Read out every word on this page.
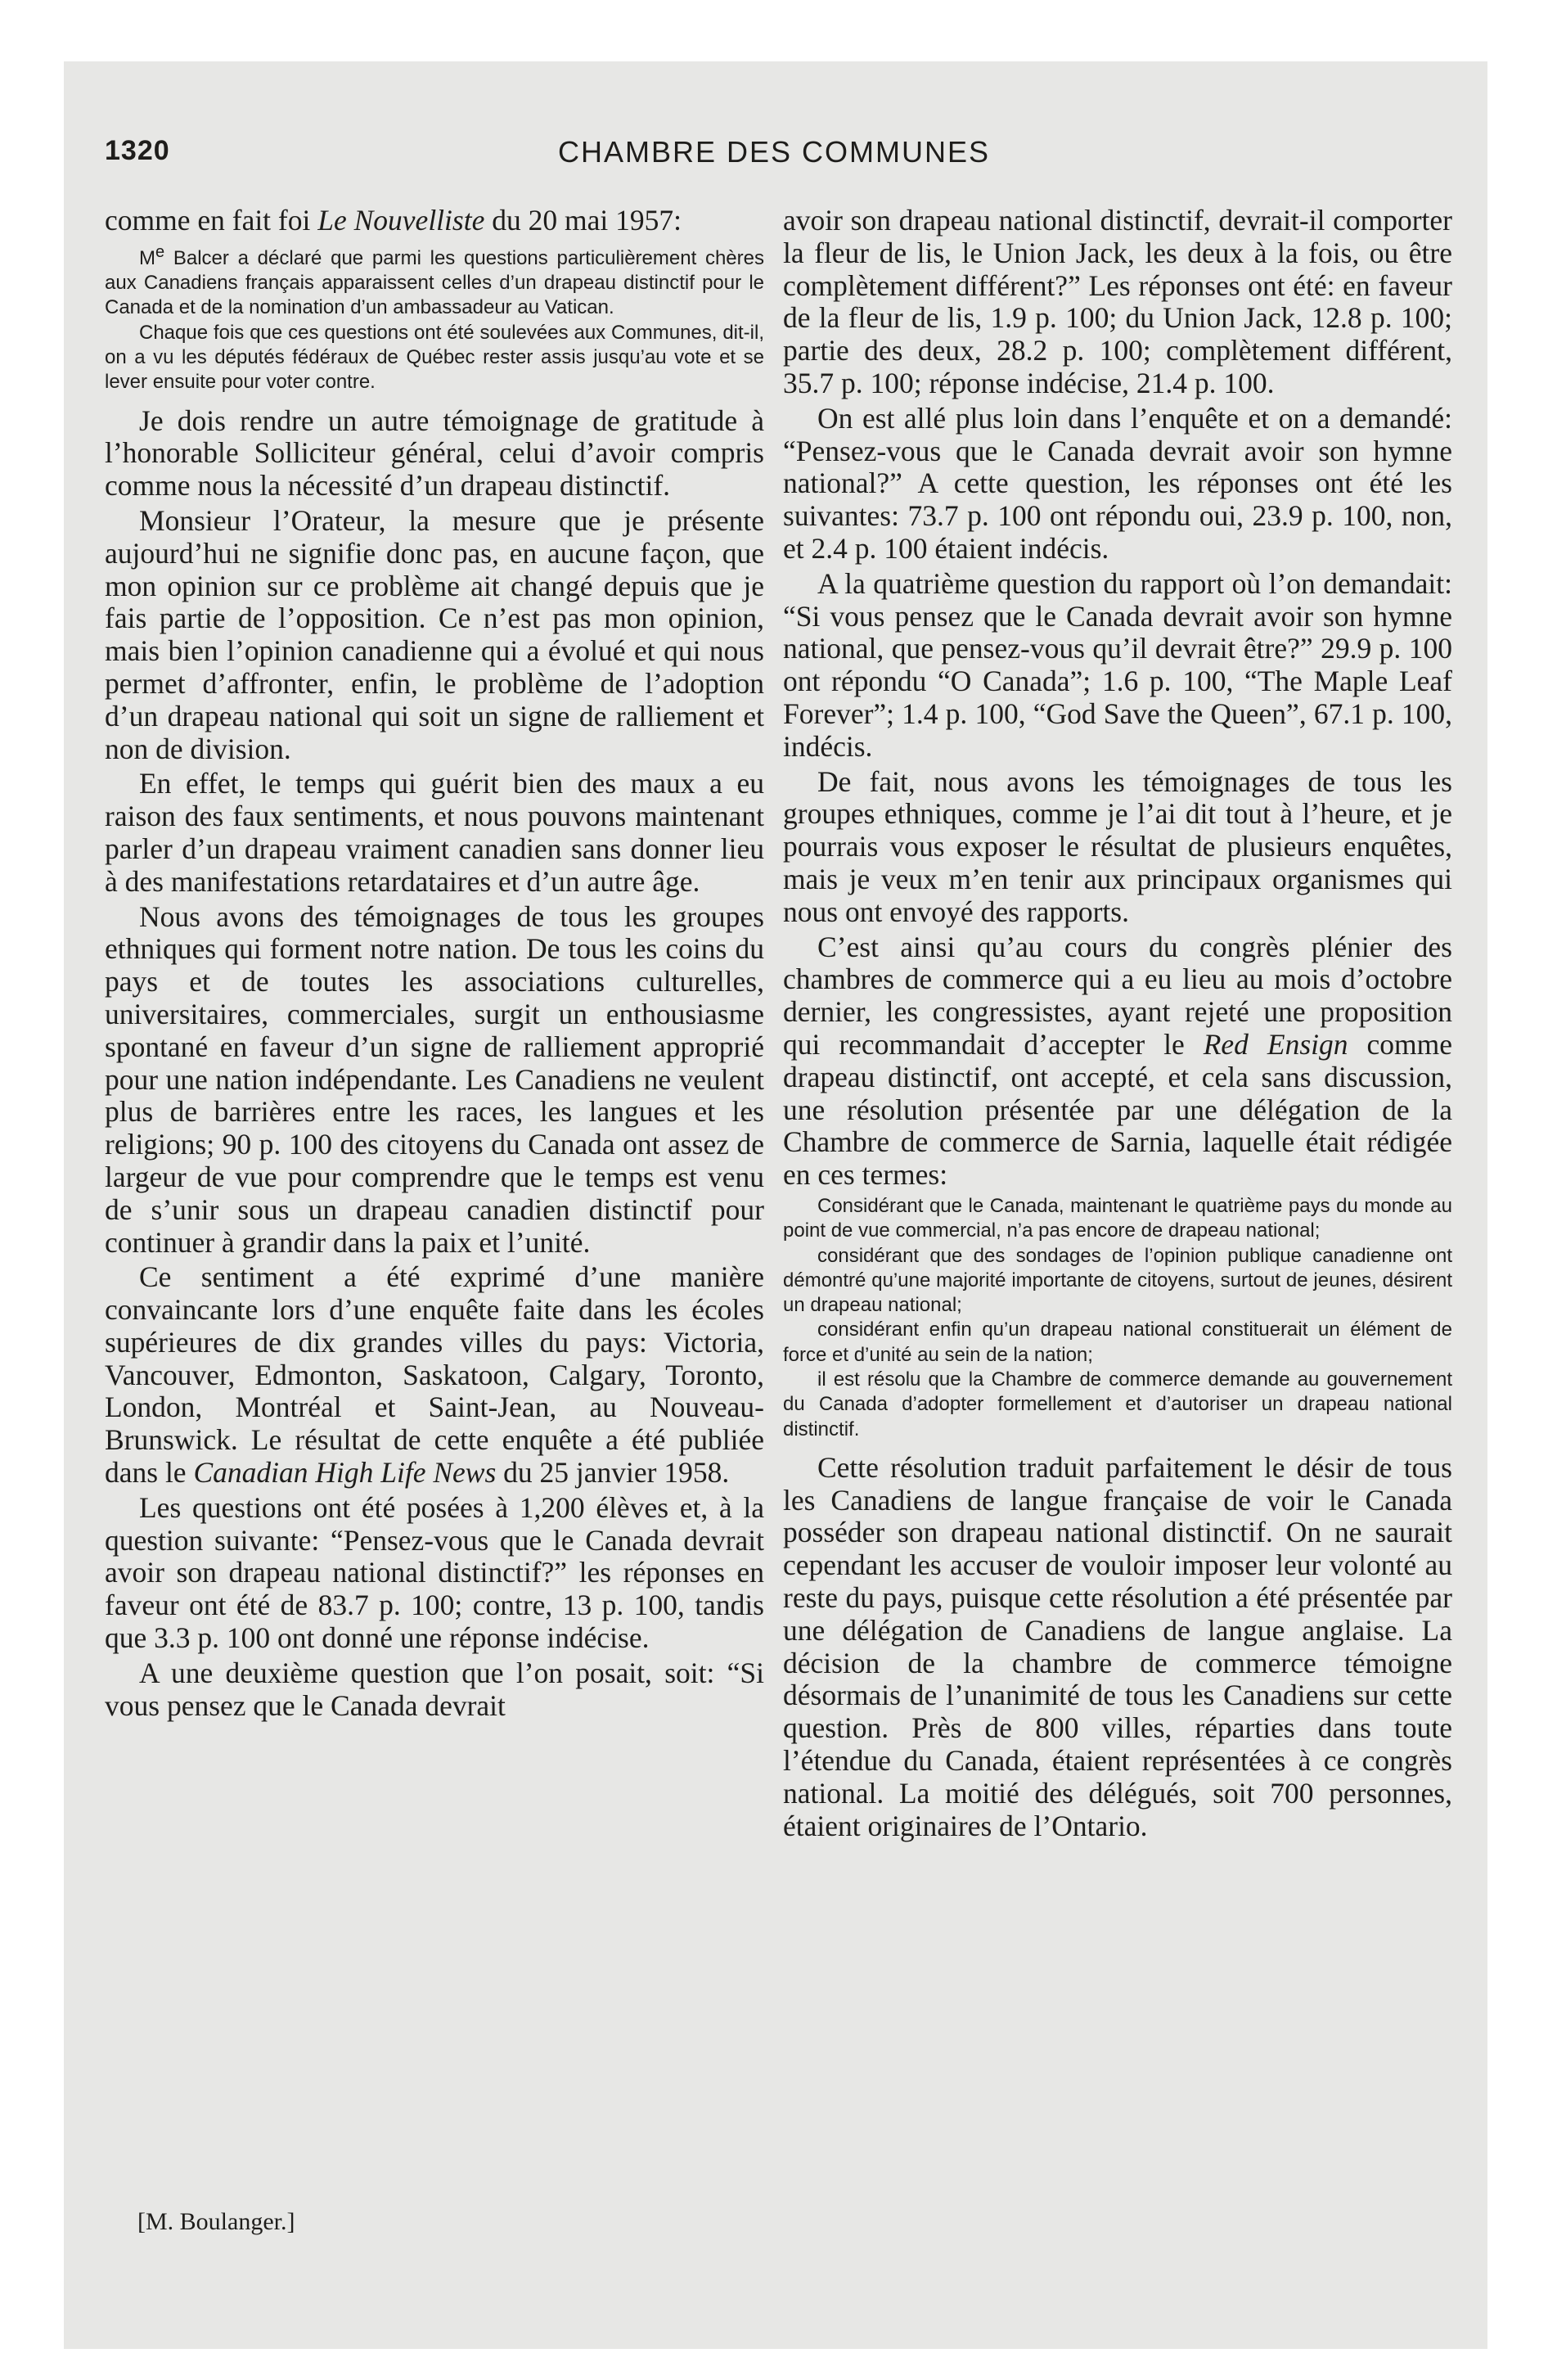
1320	CHAMBRE DES COMMUNES

comme en fait foi Le Nouvelliste du 20 mai 1957:

Me Balcer a déclaré que parmi les questions particulièrement chères aux Canadiens français apparaissent celles d’un drapeau distinctif pour le Canada et de la nomination d’un ambassadeur au Vatican.

Chaque fois que ces questions ont été soulevées aux Communes, dit-il, on a vu les députés fédéraux de Québec rester assis jusqu’au vote et se lever ensuite pour voter contre.

Je dois rendre un autre témoignage de gratitude à l’honorable Solliciteur général, celui d’avoir compris comme nous la nécessité d’un drapeau distinctif.

Monsieur l’Orateur, la mesure que je présente aujourd’hui ne signifie donc pas, en aucune façon, que mon opinion sur ce problème ait changé depuis que je fais partie de l’opposition. Ce n’est pas mon opinion, mais bien l’opinion canadienne qui a évolué et qui nous permet d’affronter, enfin, le problème de l’adoption d’un drapeau national qui soit un signe de ralliement et non de division.

En effet, le temps qui guérit bien des maux a eu raison des faux sentiments, et nous pouvons maintenant parler d’un drapeau vraiment canadien sans donner lieu à des manifestations retardataires et d’un autre âge.

Nous avons des témoignages de tous les groupes ethniques qui forment notre nation. De tous les coins du pays et de toutes les associations culturelles, universitaires, commerciales, surgit un enthousiasme spontané en faveur d’un signe de ralliement approprié pour une nation indépendante. Les Canadiens ne veulent plus de barrières entre les races, les langues et les religions; 90 p. 100 des citoyens du Canada ont assez de largeur de vue pour comprendre que le temps est venu de s’unir sous un drapeau canadien distinctif pour continuer à grandir dans la paix et l’unité.

Ce sentiment a été exprimé d’une manière convaincante lors d’une enquête faite dans les écoles supérieures de dix grandes villes du pays: Victoria, Vancouver, Edmonton, Saskatoon, Calgary, Toronto, London, Montréal et Saint-Jean, au Nouveau-Brunswick. Le résultat de cette enquête a été publiée dans le Canadian High Life News du 25 janvier 1958.

Les questions ont été posées à 1,200 élèves et, à la question suivante: “Pensez-vous que le Canada devrait avoir son drapeau national distinctif?” les réponses en faveur ont été de 83.7 p. 100; contre, 13 p. 100, tandis que 3.3 p. 100 ont donné une réponse indécise.

A une deuxième question que l’on posait, soit: “Si vous pensez que le Canada devrait

avoir son drapeau national distinctif, devrait-il comporter la fleur de lis, le Union Jack, les deux à la fois, ou être complètement différent?” Les réponses ont été: en faveur de la fleur de lis, 1.9 p. 100; du Union Jack, 12.8 p. 100; partie des deux, 28.2 p. 100; complètement différent, 35.7 p. 100; réponse indécise, 21.4 p. 100.

On est allé plus loin dans l’enquête et on a demandé: “Pensez-vous que le Canada devrait avoir son hymne national?” A cette question, les réponses ont été les suivantes: 73.7 p. 100 ont répondu oui, 23.9 p. 100, non, et 2.4 p. 100 étaient indécis.

A la quatrième question du rapport où l’on demandait: “Si vous pensez que le Canada devrait avoir son hymne national, que pensez-vous qu’il devrait être?” 29.9 p. 100 ont répondu “O Canada”; 1.6 p. 100, “The Maple Leaf Forever”; 1.4 p. 100, “God Save the Queen”, 67.1 p. 100, indécis.

De fait, nous avons les témoignages de tous les groupes ethniques, comme je l’ai dit tout à l’heure, et je pourrais vous exposer le résultat de plusieurs enquêtes, mais je veux m’en tenir aux principaux organismes qui nous ont envoyé des rapports.

C’est ainsi qu’au cours du congrès plénier des chambres de commerce qui a eu lieu au mois d’octobre dernier, les congressistes, ayant rejeté une proposition qui recommandait d’accepter le Red Ensign comme drapeau distinctif, ont accepté, et cela sans discussion, une résolution présentée par une délégation de la Chambre de commerce de Sarnia, laquelle était rédigée en ces termes:

Considérant que le Canada, maintenant le quatrième pays du monde au point de vue commercial, n’a pas encore de drapeau national;

considérant que des sondages de l’opinion publique canadienne ont démontré qu’une majorité importante de citoyens, surtout de jeunes, désirent un drapeau national;

considérant enfin qu’un drapeau national constituerait un élément de force et d’unité au sein de la nation;

il est résolu que la Chambre de commerce demande au gouvernement du Canada d’adopter formellement et d’autoriser un drapeau national distinctif.

Cette résolution traduit parfaitement le désir de tous les Canadiens de langue française de voir le Canada posséder son drapeau national distinctif. On ne saurait cependant les accuser de vouloir imposer leur volonté au reste du pays, puisque cette résolution a été présentée par une délégation de Canadiens de langue anglaise. La décision de la chambre de commerce témoigne désormais de l’unanimité de tous les Canadiens sur cette question. Près de 800 villes, réparties dans toute l’étendue du Canada, étaient représentées à ce congrès national. La moitié des délégués, soit 700 personnes, étaient originaires de l’Ontario.

[M. Boulanger.]
